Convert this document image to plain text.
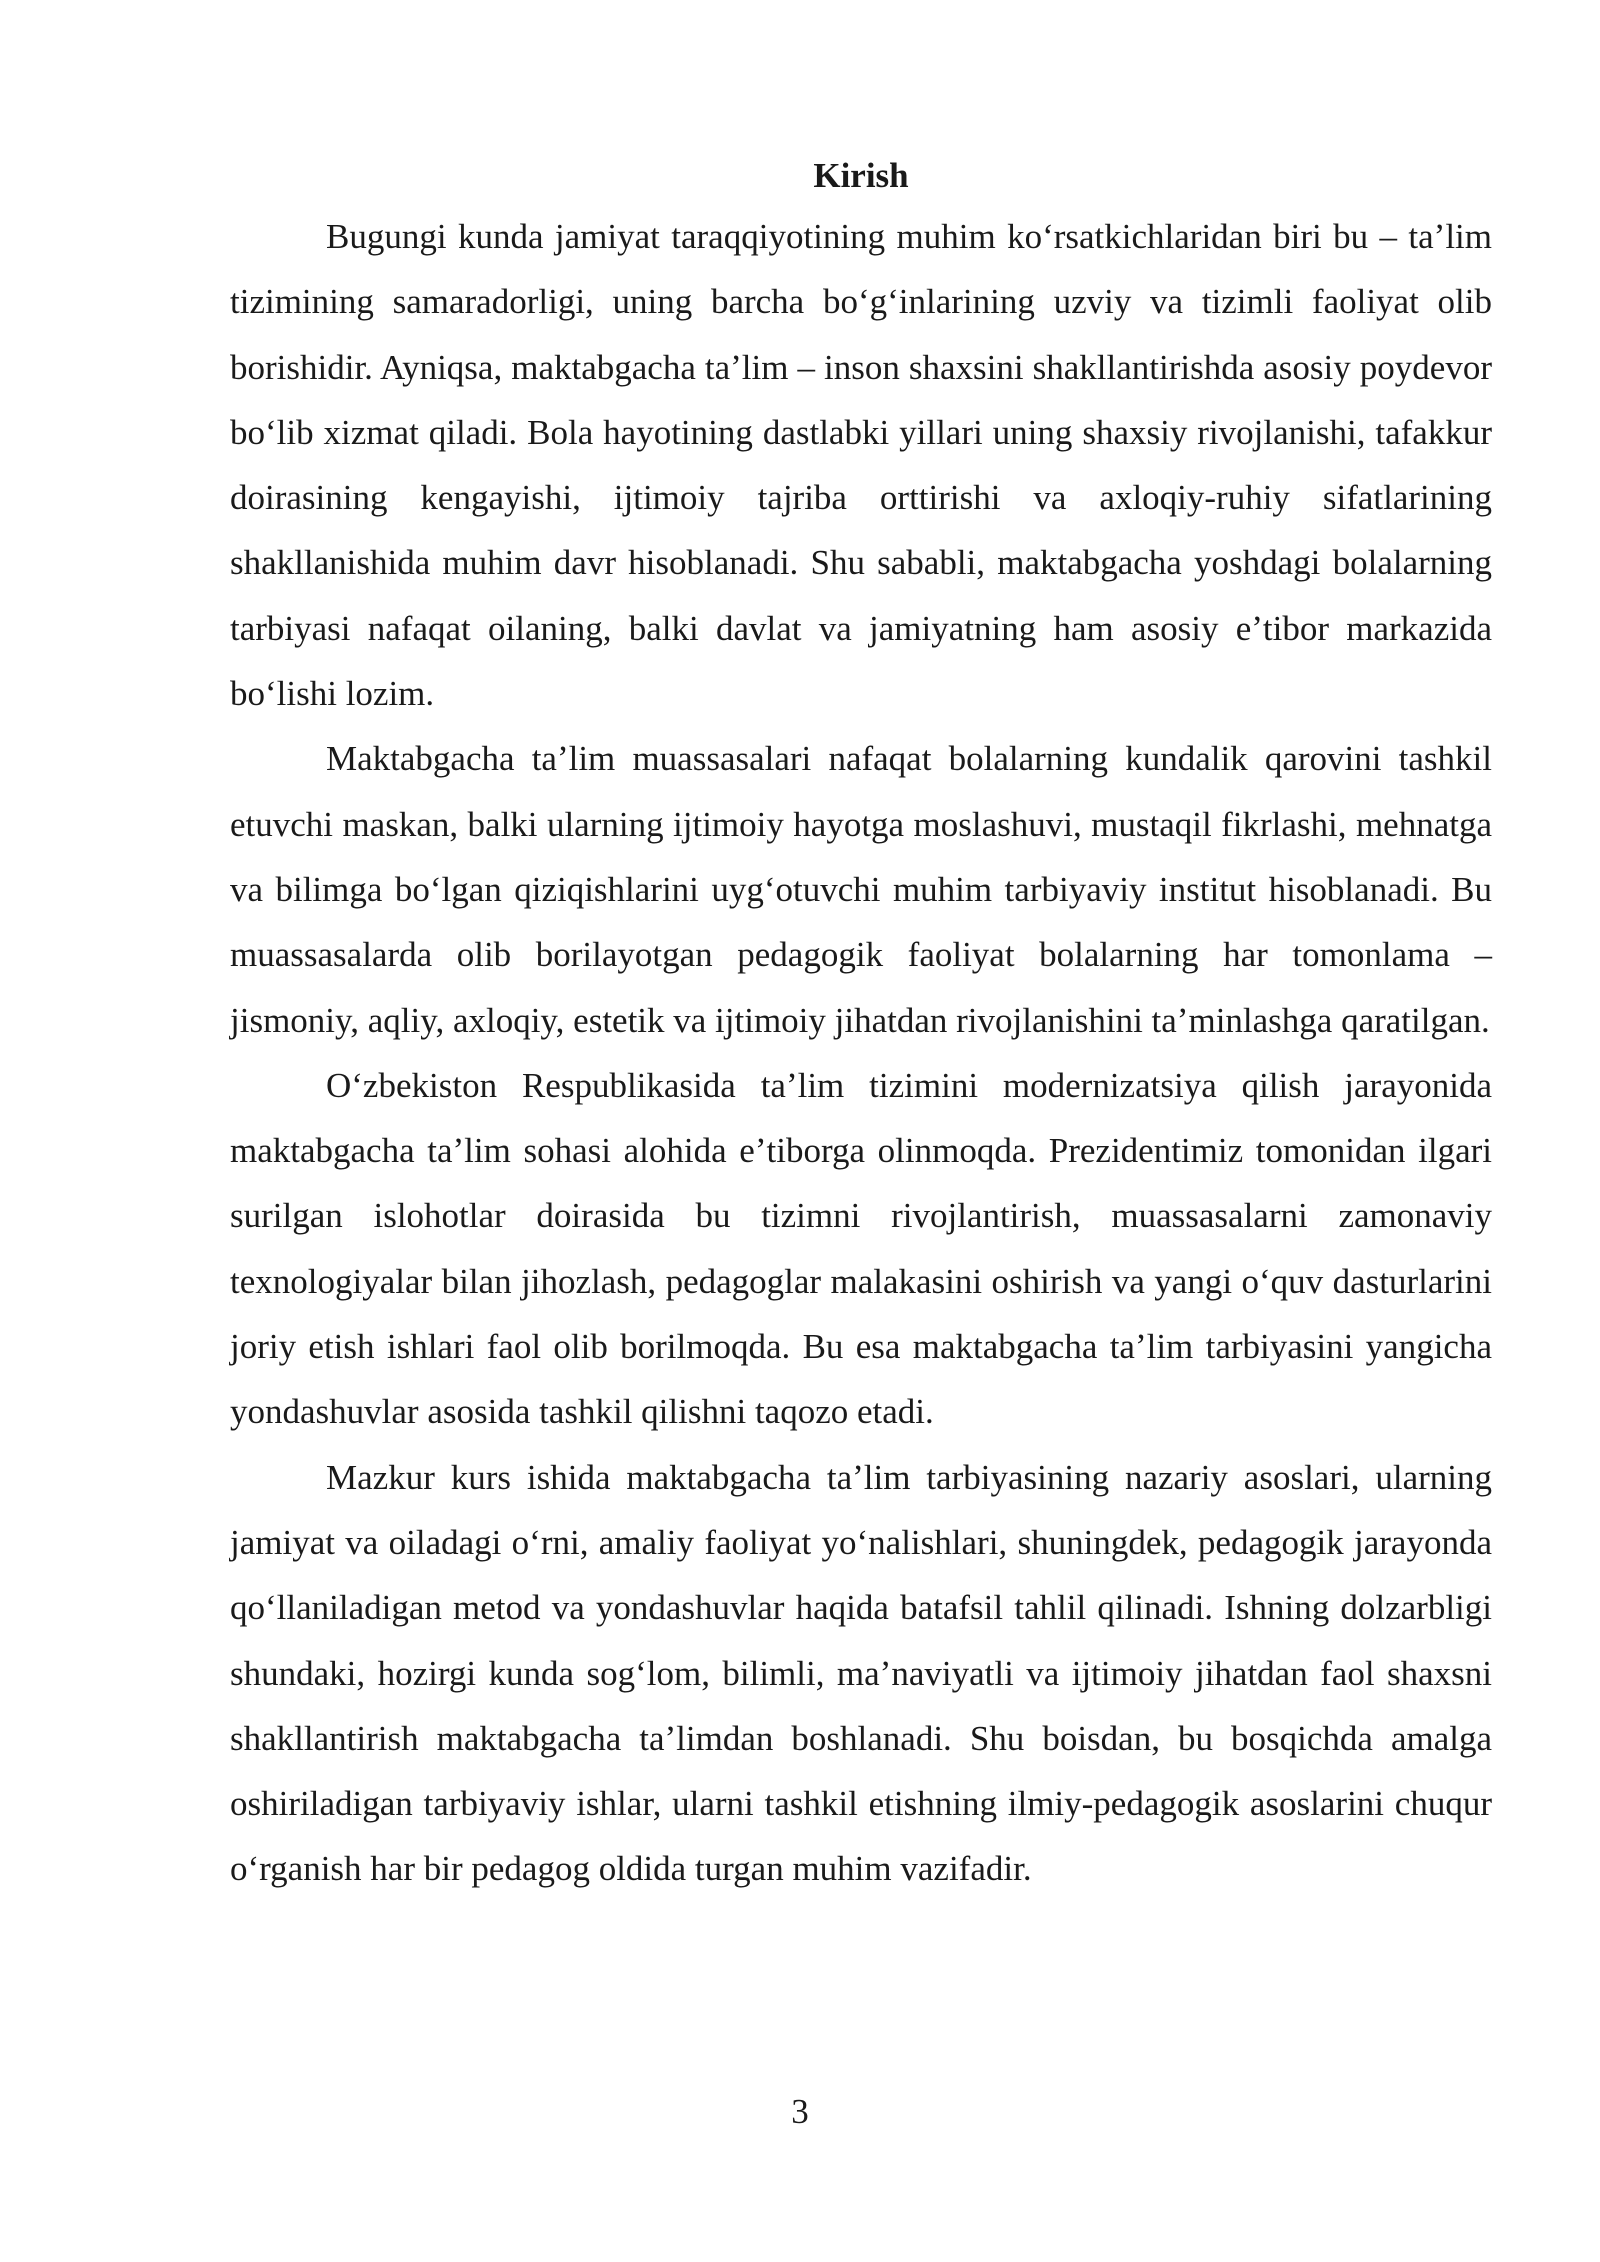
Kirish

Bugungi kunda jamiyat taraqqiyotining muhim koʻrsatkichlaridan biri bu – taʼlim tizimining samaradorligi, uning barcha boʻgʻinlarining uzviy va tizimli faoliyat olib borishidir. Ayniqsa, maktabgacha taʼlim – inson shaxsini shakllantirishda asosiy poydevor boʻlib xizmat qiladi. Bola hayotining dastlabki yillari uning shaxsiy rivojlanishi, tafakkur doirasining kengayishi, ijtimoiy tajriba orttirishi va axloqiy-ruhiy sifatlarining shakllanishida muhim davr hisoblanadi. Shu sababli, maktabgacha yoshdagi bolalarning tarbiyasi nafaqat oilaning, balki davlat va jamiyatning ham asosiy eʼtibor markazida boʻlishi lozim.

Maktabgacha taʼlim muassasalari nafaqat bolalarning kundalik qarovini tashkil etuvchi maskan, balki ularning ijtimoiy hayotga moslashuvi, mustaqil fikrlashi, mehnatga va bilimga boʻlgan qiziqishlarini uygʻotuvchi muhim tarbiyaviy institut hisoblanadi. Bu muassasalarda olib borilayotgan pedagogik faoliyat bolalarning har tomonlama – jismoniy, aqliy, axloqiy, estetik va ijtimoiy jihatdan rivojlanishini taʼminlashga qaratilgan.

Oʻzbekiston Respublikasida taʼlim tizimini modernizatsiya qilish jarayonida maktabgacha taʼlim sohasi alohida eʼtiborga olinmoqda. Prezidentimiz tomonidan ilgari surilgan islohotlar doirasida bu tizimni rivojlantirish, muassasalarni zamonaviy texnologiyalar bilan jihozlash, pedagoglar malakasini oshirish va yangi oʻquv dasturlarini joriy etish ishlari faol olib borilmoqda. Bu esa maktabgacha taʼlim tarbiyasini yangicha yondashuvlar asosida tashkil qilishni taqozo etadi.

Mazkur kurs ishida maktabgacha taʼlim tarbiyasining nazariy asoslari, ularning jamiyat va oiladagi oʻrni, amaliy faoliyat yoʻnalishlari, shuningdek, pedagogik jarayonda qoʻllaniladigan metod va yondashuvlar haqida batafsil tahlil qilinadi. Ishning dolzarbligi shundaki, hozirgi kunda sogʻlom, bilimli, maʼnaviyatli va ijtimoiy jihatdan faol shaxsni shakllantirish maktabgacha taʼlimdan boshlanadi. Shu boisdan, bu bosqichda amalga oshiriladigan tarbiyaviy ishlar, ularni tashkil etishning ilmiy-pedagogik asoslarini chuqur oʻrganish har bir pedagog oldida turgan muhim vazifadir.

3
